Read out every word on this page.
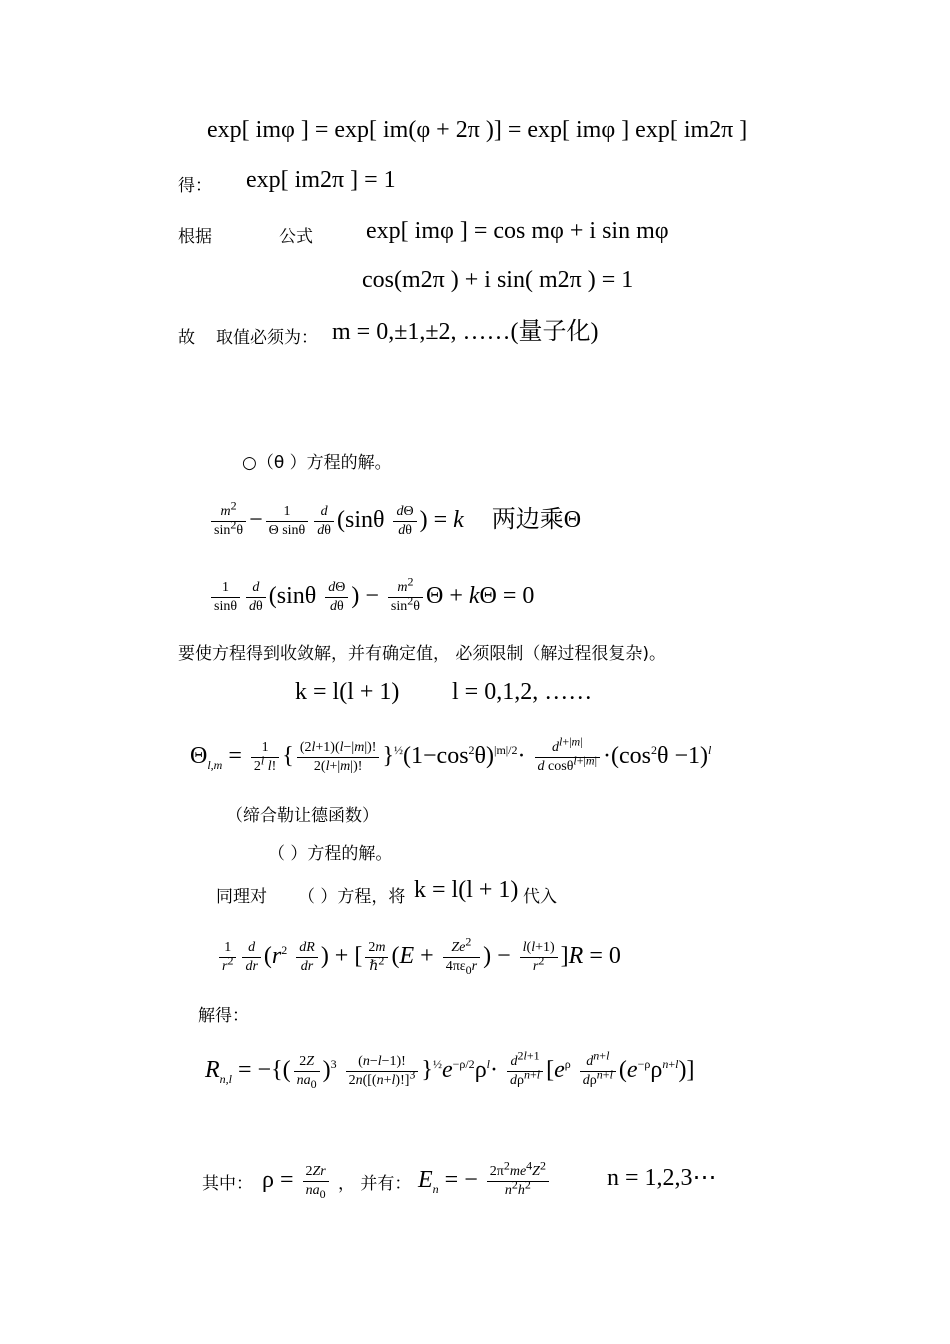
exp[ imφ ] = exp[ im(φ + 2π )] = exp[ imφ ] exp[ im2π ]
得： exp[ im2π ] = 1
根据	公式 exp[ imφ ] = cos mφ + i sin mφ
cos(m2π ) + i sin( m2π ) = 1
故 取值必须为： m = 0,±1,±2, ……(量子化)
○（θ ）方程的解。
$\frac{m^2}{\sin^2\theta} - \frac{1}{\text{Θ sinθ}} \frac{d}{d\theta} (\sin\theta \frac{d\Theta}{d\theta}$ ) = k 两边乘Θ
$\frac{1}{\sin\theta} \frac{d}{d\theta} (\sin\theta \frac{d\Theta}{d\theta}$ ) − $\frac{m^2}{\sin^2\theta}$ Θ + kΘ = 0
要使方程得到收敛解，并有确定值， 必须限制（解过程很复杂)。
k = l(l + 1) l = 0,1,2, ……
$\Theta_{l,m} = \frac{1}{2^l l!}$ { $\frac{(2l+1)(l-|m|)!}{2(l+|m|)!} \}^{\frac{1}{2}}(1-\cos^2\theta)^{|m|/2}\cdot \frac{d^{l+|m|}}{d \cos\theta^{l+|m|}} \cdot(\cos^2\theta -1)^l$
（缔合勒让德函数）
（ ）方程的解。
同理对 （ ）方程，将 k = l(l + 1) 代入
$\frac{1}{r^2} \frac{d}{dr} (r^2 \frac{dR}{dr}$ ) + [ $\frac{2m}{\hbar^2} (E + \frac{Ze^2}{4\pi\varepsilon_0r}$ ) − $\frac{l(l+1)}{r^2} ]R = 0$
解得：
$R_{n,l}$ = −{( $\frac{2Z}{na_0} )^3 \frac{(n-l-1)!}{2n([(n+l)!]^3} \}^{\frac{1}{2}}e^{-\rho/2}\rho^l\cdot \frac{d^{2l+1}}{d\rho^{n+l}} [e^\rho \frac{d^{n+l}}{d\rho^{n+l}} (e^{-\rho}\rho^{n+l})]$
其中： $\rho = \frac{2Zr}{na_0}$ ， 并有： $E_n$ = − $\frac{2\pi^2me^4Z^2}{n^2h^2}$ n = 1,2,3⋯
